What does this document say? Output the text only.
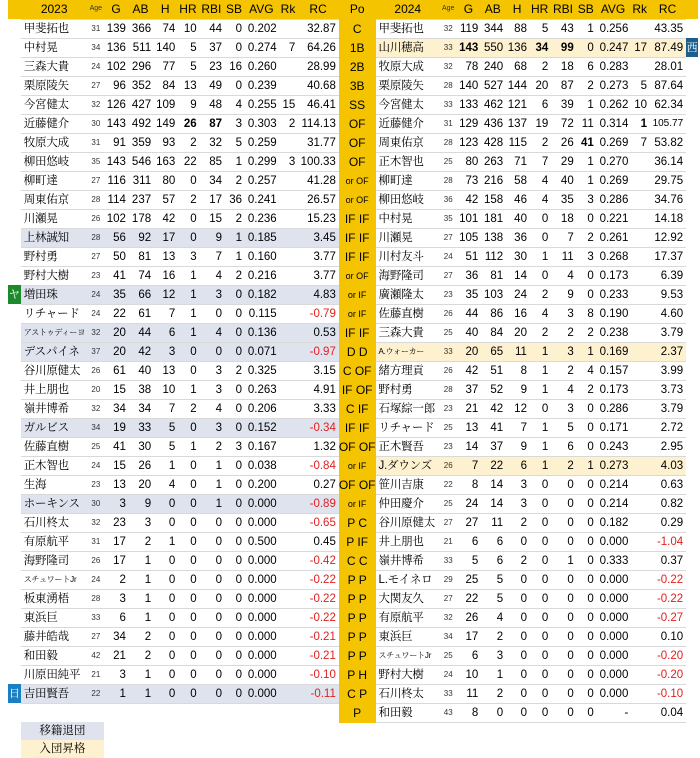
	2023	Age	G	AB	H	HR	RBI	SB	AVG	Rk	RC	Po	2024	Age	G	AB	H	HR	RBI	SB	AVG	Rk	RC	
	甲斐拓也	31	139	366	74	10	44	0	0.202		32.87	C	甲斐拓也	32	119	344	88	5	43	1	0.256		43.35	
	中村晃	34	136	511	140	5	37	0	0.274	7	64.26	1B	山川穂高	33	143	550	136	34	99	0	0.247	17	87.49	西
	三森大貴	24	102	296	77	5	23	16	0.260		28.99	2B	牧原大成	32	78	240	68	2	18	6	0.283		28.01	
	栗原陵矢	27	96	352	84	13	49	0	0.239		40.68	3B	栗原陵矢	28	140	527	144	20	87	2	0.273	5	87.64	
	今宮健太	32	126	427	109	9	48	4	0.255	15	46.41	SS	今宮健太	33	133	462	121	6	39	1	0.262	10	62.34	
	近藤健介	30	143	492	149	26	87	3	0.303	2	114.13	OF	近藤健介	31	129	436	137	19	72	11	0.314	1	105.77	
	牧原大成	31	91	359	93	2	32	5	0.259		31.77	OF	周東佑京	28	123	428	115	2	26	41	0.269	7	53.82	
	柳田悠岐	35	143	546	163	22	85	1	0.299	3	100.33	OF	正木智也	25	80	263	71	7	29	1	0.270		36.14	
	柳町達	27	116	311	80	0	34	2	0.257		41.28	or OF	柳町達	28	73	216	58	4	40	1	0.269		29.75	
	周東佑京	28	114	237	57	2	17	36	0.241		26.57	or OF	柳田悠岐	36	42	158	46	4	35	3	0.286		34.76	
	川瀬晃	26	102	178	42	0	15	2	0.236		15.23	IF IF	中村晃	35	101	181	40	0	18	0	0.221		14.18	
	上林誠知	28	56	92	17	0	9	1	0.185		3.45	IF IF	川瀬晃	27	105	138	36	0	7	2	0.261		12.92	
	野村勇	27	50	81	13	3	7	1	0.160		3.77	IF IF	川村友斗	24	51	112	30	1	11	3	0.268		17.37	
	野村大樹	23	41	74	16	1	4	2	0.216		3.77	or OF	海野隆司	27	36	81	14	0	4	0	0.173		6.39	
ヤ	増田珠	24	35	66	12	1	3	0	0.182		4.83	or IF	廣瀬隆太	23	35	103	24	2	9	0	0.233		9.53	
	リチャード	24	22	61	7	1	0	0	0.115		-0.79	or IF	佐藤直樹	26	44	86	16	4	3	8	0.190		4.60	
	アストゥディーヨ	32	20	44	6	1	4	0	0.136		0.53	IF IF	三森大貴	25	40	84	20	2	2	2	0.238		3.79	
	デスパイネ	37	20	42	3	0	0	0	0.071		-0.97	D D	A.ウォーカー	33	20	65	11	1	3	1	0.169		2.37	
	谷川原健太	26	61	40	13	0	3	2	0.325		3.15	C OF	緒方理貢	26	42	51	8	1	2	4	0.157		3.99	
	井上朋也	20	15	38	10	1	3	0	0.263		4.91	IF OF	野村勇	28	37	52	9	1	4	2	0.173		3.73	
	嶺井博希	32	34	34	7	2	4	0	0.206		3.33	C IF	石塚綜一郎	23	21	42	12	0	3	0	0.286		3.79	
	ガルビス	34	19	33	5	0	3	0	0.152		-0.34	IF IF	リチャード	25	13	41	7	1	5	0	0.171		2.72	
	佐藤直樹	25	41	30	5	1	2	3	0.167		1.32	OF OF	正木賢吾	23	14	37	9	1	6	0	0.243		2.95	
	正木智也	24	15	26	1	0	1	0	0.038		-0.84	or IF	J.ダウンズ	26	7	22	6	1	2	1	0.273		4.03	
	生海	23	13	20	4	0	1	0	0.200		0.27	OF OF	笹川吉康	22	8	14	3	0	0	0	0.214		0.63	
	ホーキンス	30	3	9	0	0	1	0	0.000		-0.89	or IF	仲田慶介	25	24	14	3	0	0	0	0.214		0.82	
	石川柊太	32	23	3	0	0	0	0	0.000		-0.65	P C	谷川原健太	27	27	11	2	0	0	0	0.182		0.29	
	有原航平	31	17	2	1	0	0	0	0.500		0.45	P IF	井上朋也	21	6	6	0	0	0	0	0.000		-1.04	
	海野隆司	26	17	1	0	0	0	0	0.000		-0.42	C C	嶺井博希	33	5	6	2	0	1	0	0.333		0.37	
	スチュワートJr	24	2	1	0	0	0	0	0.000		-0.22	P P	L.モイネロ	29	25	5	0	0	0	0	0.000		-0.22	
	板東湧梧	28	3	1	0	0	0	0	0.000		-0.22	P P	大関友久	27	22	5	0	0	0	0	0.000		-0.22	
	東浜巨	33	6	1	0	0	0	0	0.000		-0.22	P P	有原航平	32	26	4	0	0	0	0	0.000		-0.27	
	藤井皓哉	27	34	2	0	0	0	0	0.000		-0.21	P P	東浜巨	34	17	2	0	0	0	0	0.000		0.10	
	和田毅	42	21	2	0	0	0	0	0.000		-0.21	P P	スチュワートJr	25	6	3	0	0	0	0	0.000		-0.20	
	川原田純平	21	3	1	0	0	0	0	0.000		-0.10	P H	野村大樹	24	10	1	0	0	0	0	0.000		-0.20	
日	吉田賢吾	22	1	1	0	0	0	0	0.000		-0.11	C P	石川柊太	33	11	2	0	0	0	0	0.000		-0.10	
												P	和田毅	43	8	0	0	0	0	0	-		0.04	
	移籍退団																							
	入団昇格																							
